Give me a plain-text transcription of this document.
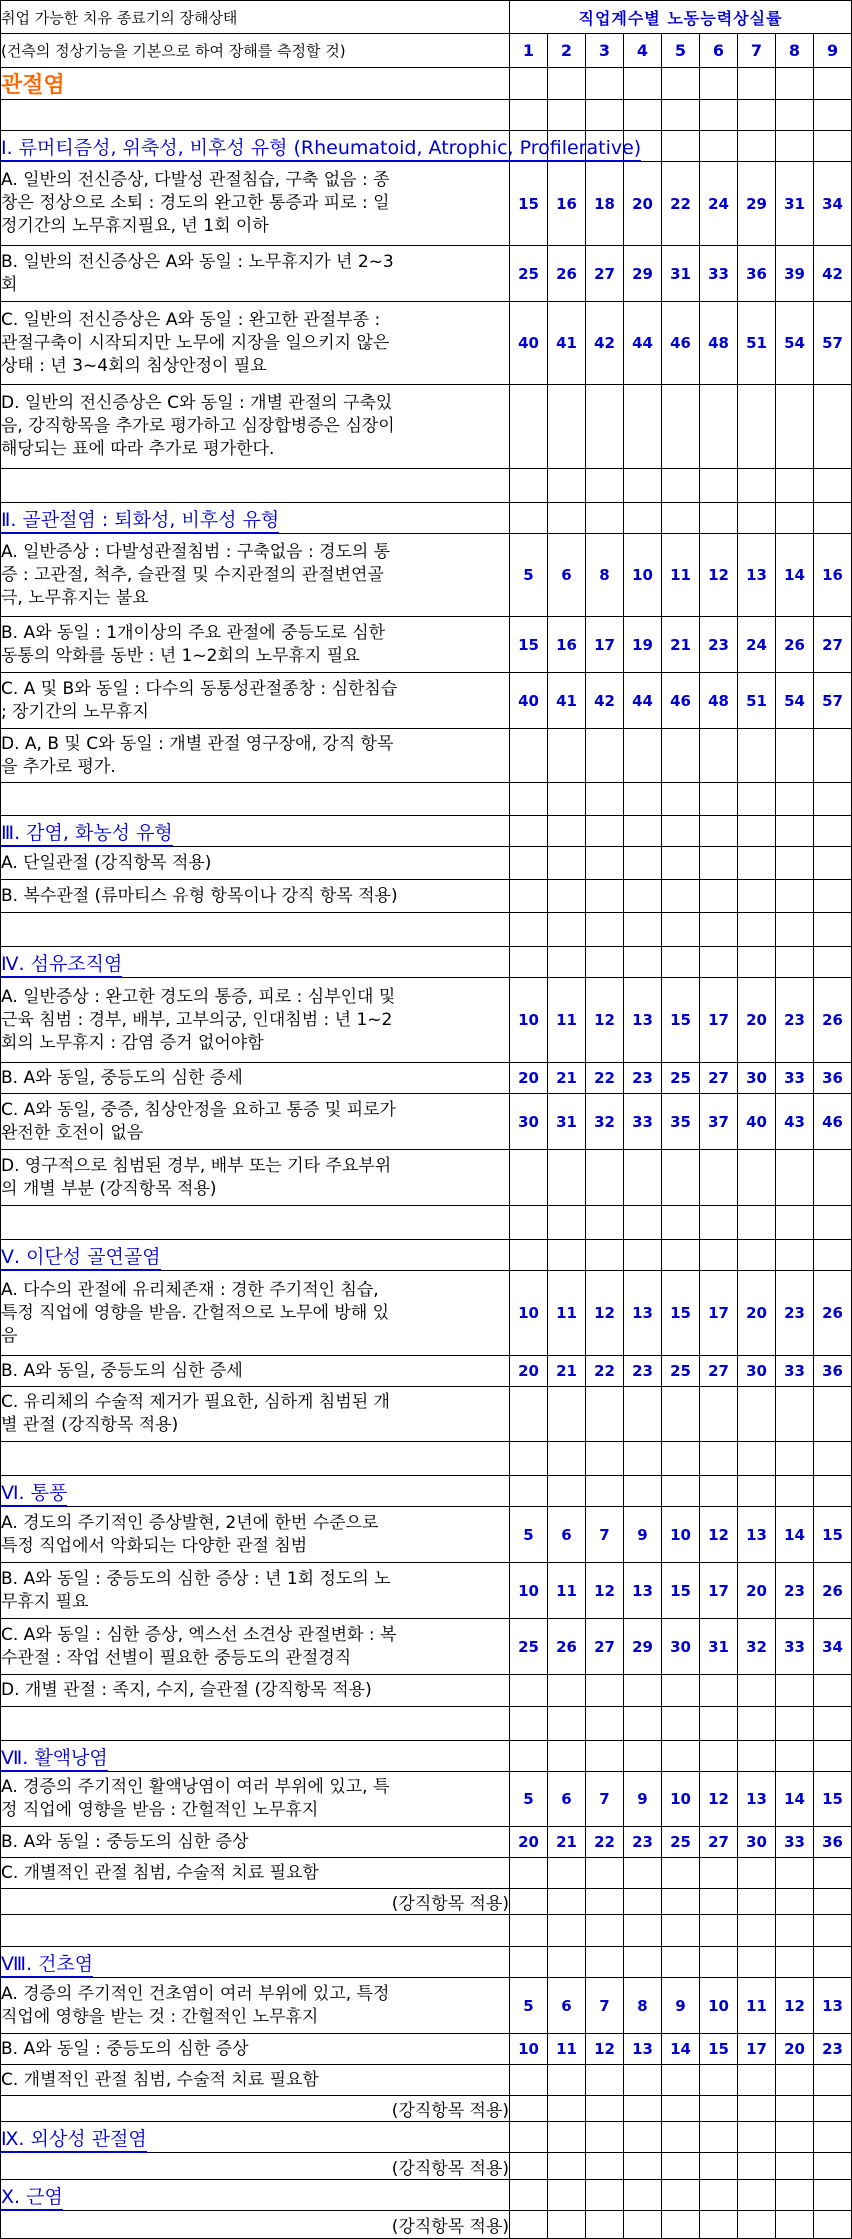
취업 가능한 치유 종료기의 장해상태	직업계수별 노동능력상실률								
(건측의 정상기능을 기본으로 하여 장해를 측정할 것)	1	2	3	4	5	6	7	8	9
관절염									

Ⅰ. 류머티즘성, 위축성, 비후성 유형 (Rheumatoid, Atrophic, Profilerative)									

A. 일반의 전신증상, 다발성 관절침습, 구축 없음 : 종
창은 정상으로 소퇴 : 경도의 완고한 통증과 피로 : 일
정기간의 노무휴지필요, 년 1회 이하	15	16	18	20	22	24	29	31	34

B. 일반의 전신증상은 A와 동일 : 노무휴지가 년 2~3
회	25	26	27	29	31	33	36	39	42

C. 일반의 전신증상은 A와 동일 : 완고한 관절부종 :
관절구축이 시작되지만 노무에 지장을 일으키지 않은
상태 : 년 3~4회의 침상안정이 필요	40	41	42	44	46	48	51	54	57

D. 일반의 전신증상은 C와 동일 : 개별 관절의 구축있
음, 강직항목을 추가로 평가하고 심장합병증은 심장이
해당되는 표에 따라 추가로 평가한다.									

Ⅱ. 골관절염 : 퇴화성, 비후성 유형									

A. 일반증상 : 다발성관절침범 : 구축없음 : 경도의 통
증 : 고관절, 척추, 슬관절 및 수지관절의 관절변연골
극, 노무휴지는 불요	5	6	8	10	11	12	13	14	16

B. A와 동일 : 1개이상의 주요 관절에 중등도로 심한
동통의 악화를 동반 : 년 1~2회의 노무휴지 필요	15	16	17	19	21	23	24	26	27

C. A 및 B와 동일 : 다수의 동통성관절종창 : 심한침습
; 장기간의 노무휴지	40	41	42	44	46	48	51	54	57

D. A, B 및 C와 동일 : 개별 관절 영구장애, 강직 항목
을 추가로 평가.									

Ⅲ. 감염, 화농성 유형									

A. 단일관절 (강직항목 적용)									

B. 복수관절 (류마티스 유형 항목이나 강직 항목 적용)									

Ⅳ. 섬유조직염									

A. 일반증상 : 완고한 경도의 통증, 피로 : 심부인대 및
근육 침범 : 경부, 배부, 고부의궁, 인대침범 : 년 1~2
회의 노무휴지 : 감염 증거 없어야함	10	11	12	13	15	17	20	23	26

B. A와 동일, 중등도의 심한 증세	20	21	22	23	25	27	30	33	36

C. A와 동일, 중증, 침상안정을 요하고 통증 및 피로가
완전한 호전이 없음	30	31	32	33	35	37	40	43	46

D. 영구적으로 침범된 경부, 배부 또는 기타 주요부위
의 개별 부분 (강직항목 적용)									

Ⅴ. 이단성 골연골염									

A. 다수의 관절에 유리체존재 : 경한 주기적인 침습,
특정 직업에 영향을 받음. 간헐적으로 노무에 방해 있
음	10	11	12	13	15	17	20	23	26

B. A와 동일, 중등도의 심한 증세	20	21	22	23	25	27	30	33	36

C. 유리체의 수술적 제거가 필요한, 심하게 침범된 개
별 관절 (강직항목 적용)									

Ⅵ. 통풍									

A. 경도의 주기적인 증상발현, 2년에 한번 수준으로
특정 직업에서 악화되는 다양한 관절 침범	5	6	7	9	10	12	13	14	15

B. A와 동일 : 중등도의 심한 증상 : 년 1회 정도의 노
무휴지 필요	10	11	12	13	15	17	20	23	26

C. A와 동일 : 심한 증상, 엑스선 소견상 관절변화 : 복
수관절 : 작업 선별이 필요한 중등도의 관절경직	25	26	27	29	30	31	32	33	34

D. 개별 관절 : 족지, 수지, 슬관절 (강직항목 적용)									

Ⅶ. 활액낭염									

A. 경증의 주기적인 활액낭염이 여러 부위에 있고, 특
정 직업에 영향을 받음 : 간헐적인 노무휴지	5	6	7	9	10	12	13	14	15

B. A와 동일 : 중등도의 심한 증상	20	21	22	23	25	27	30	33	36

C. 개별적인 관절 침범, 수술적 치료 필요함									

(강직항목 적용)									

Ⅷ. 건초염									

A. 경증의 주기적인 건초염이 여러 부위에 있고, 특정
직업에 영향을 받는 것 : 간헐적인 노무휴지	5	6	7	8	9	10	11	12	13

B. A와 동일 : 중등도의 심한 증상	10	11	12	13	14	15	17	20	23

C. 개별적인 관절 침범, 수술적 치료 필요함									

(강직항목 적용)									
Ⅸ. 외상성 관절염									
(강직항목 적용)									
Ⅹ. 근염									
(강직항목 적용)									
